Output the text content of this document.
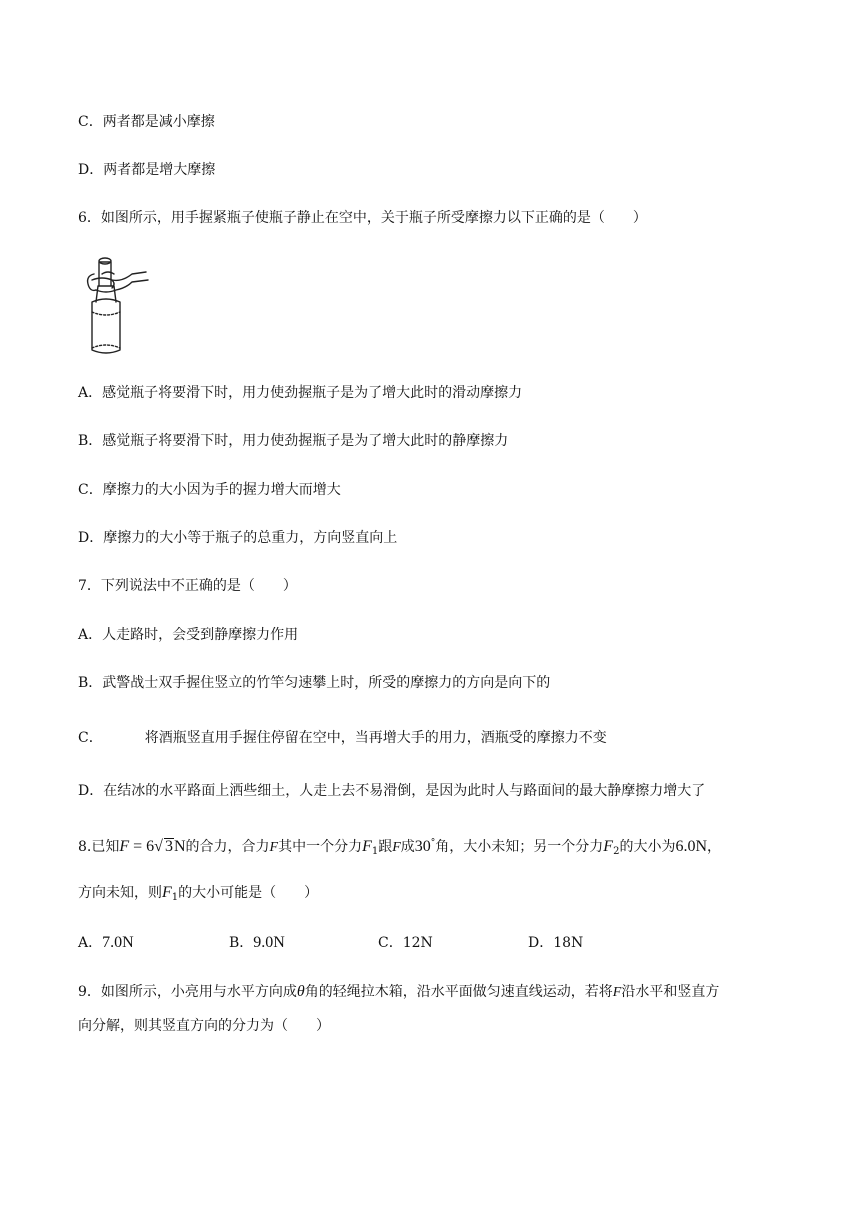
C．两者都是减小摩擦
D．两者都是增大摩擦
6．如图所示，用手握紧瓶子使瓶子静止在空中，关于瓶子所受摩擦力以下正确的是（　　）
A．感觉瓶子将要滑下时，用力使劲握瓶子是为了增大此时的滑动摩擦力
B．感觉瓶子将要滑下时，用力使劲握瓶子是为了增大此时的静摩擦力
C．摩擦力的大小因为手的握力增大而增大
D．摩擦力的大小等于瓶子的总重力，方向竖直向上
7．下列说法中不正确的是（　　）
A．人走路时，会受到静摩擦力作用
B．武警战士双手握住竖立的竹竿匀速攀上时，所受的摩擦力的方向是向下的
C．	将酒瓶竖直用手握住停留在空中，当再增大手的用力，酒瓶受的摩擦力不变
D．在结冰的水平路面上洒些细土，人走上去不易滑倒，是因为此时人与路面间的最大静摩擦力增大了
8.已知F = 6√ 3N的合力，合力F其中一个分力$F_1$跟F成30°角，大小未知；另一个分力$F_2$的大小为6.0N，
方向未知，则$F_1$的大小可能是（　　）
A．7.0N	B．9.0N	C．12N	D．18N
9．如图所示，小亮用与水平方向成θ角的轻绳拉木箱，沿水平面做匀速直线运动，若将F沿水平和竖直方
向分解，则其竖直方向的分力为（　　）
